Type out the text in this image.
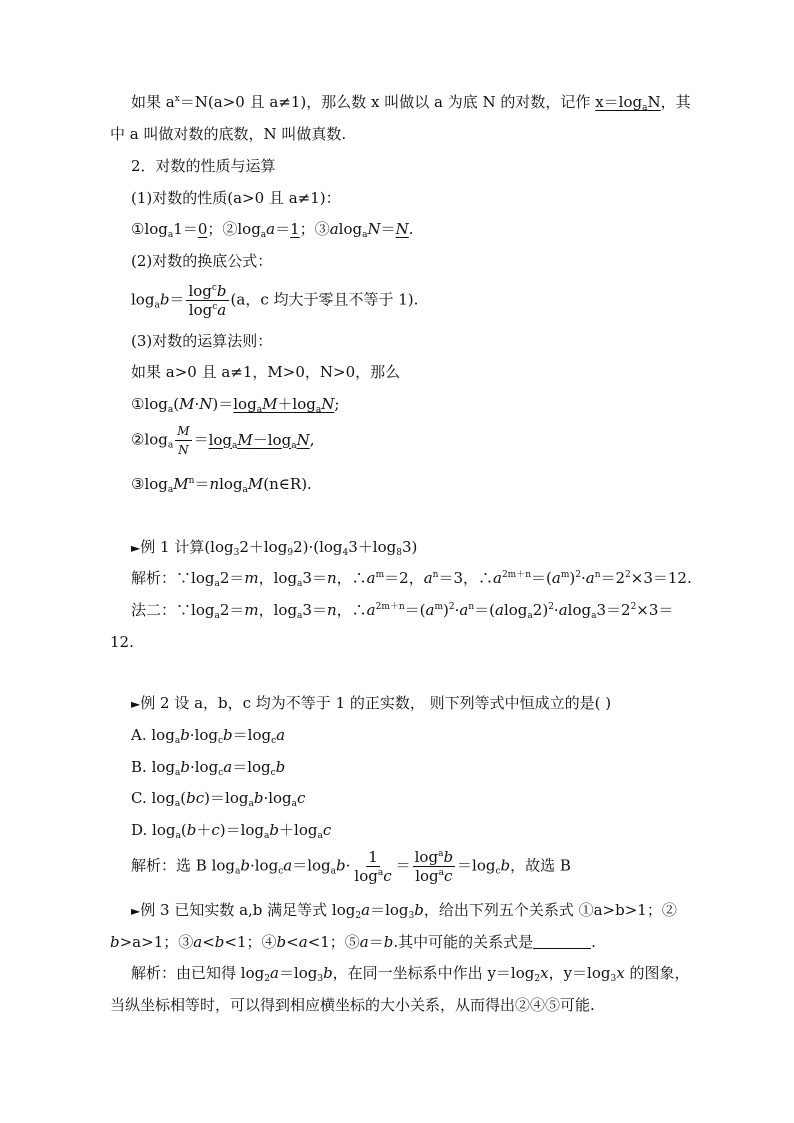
如果 $a^x=N(a>0$ 且 a≠1)，那么数 x 叫做以 a 为底 N 的对数，记作 $x=\log_aN$，其
中 a 叫做对数的底数，N 叫做真数.
2．对数的性质与运算
(1)对数的性质(a>0 且 a≠1)：
$①\log_a1=0$；$②\log_aa=1$；③alog$_a$N＝N.
(2)对数的换底公式：
$\log_ab= \frac{\log^cb}{\log^ca} (a$，c 均大于零且不等于 1).
(3)对数的运算法则：
如果 a>0 且 a≠1，M>0，N>0，那么
$①\log_a(M\cdot N)=\log_aM+\log_aN$;
$②\log_a \frac{M}{N} =\log_aM-\log_aN$,
$③\log_aM^n=nlog_aM(n\in R)$.
►例 1 计算$(\log_32+\log_92)\cdot(\log_43+\log_83)$
解析：$\because\log_a2=m$，$\log_a3=n$，$\therefore a^m=2$，$a^n=3$，$\therefore a^{2m+n}=(a^m)^2\cdot a^n=2^2\times 3=12$.
法二：$\because\log_a2=m$，$\log_a3=n$，$\therefore a^{2m+n}=(a^m)^2\cdot a^n=(alog_a2)^2\cdot alog_a3=2^2\times 3=$
12.
►例 2 设 a，b，c 均为不等于 1 的正实数， 则下列等式中恒成立的是( )
A. $\log_ab\cdot\log_cb=\log_ca$
B. $\log_ab\cdot\log_ca=\log_cb$
C. $\log_a(bc)=\log_ab\cdot\log_ac$
D. $\log_a(b+c)=\log_ab+\log_ac$
解析：选 B $\log_ab\cdot\log_ca=\log_ab\cdot \frac{1}{\log^ac} = \frac{\log^ab}{\log^ac} =\log_cb$，故选 B
►例 3 已知实数 a,b 满足等式 $\log_2a=\log_3b$，给出下列五个关系式 ①a>b>1；②
b>a>1；③a<b<1；④b<a<1；⑤a＝b.其中可能的关系式是	.
解析：由已知得 $\log_2a=\log_3b$，在同一坐标系中作出 $y=\log_2x$，$y=\log_3x$ 的图象，
当纵坐标相等时，可以得到相应横坐标的大小关系，从而得出②④⑤可能.
